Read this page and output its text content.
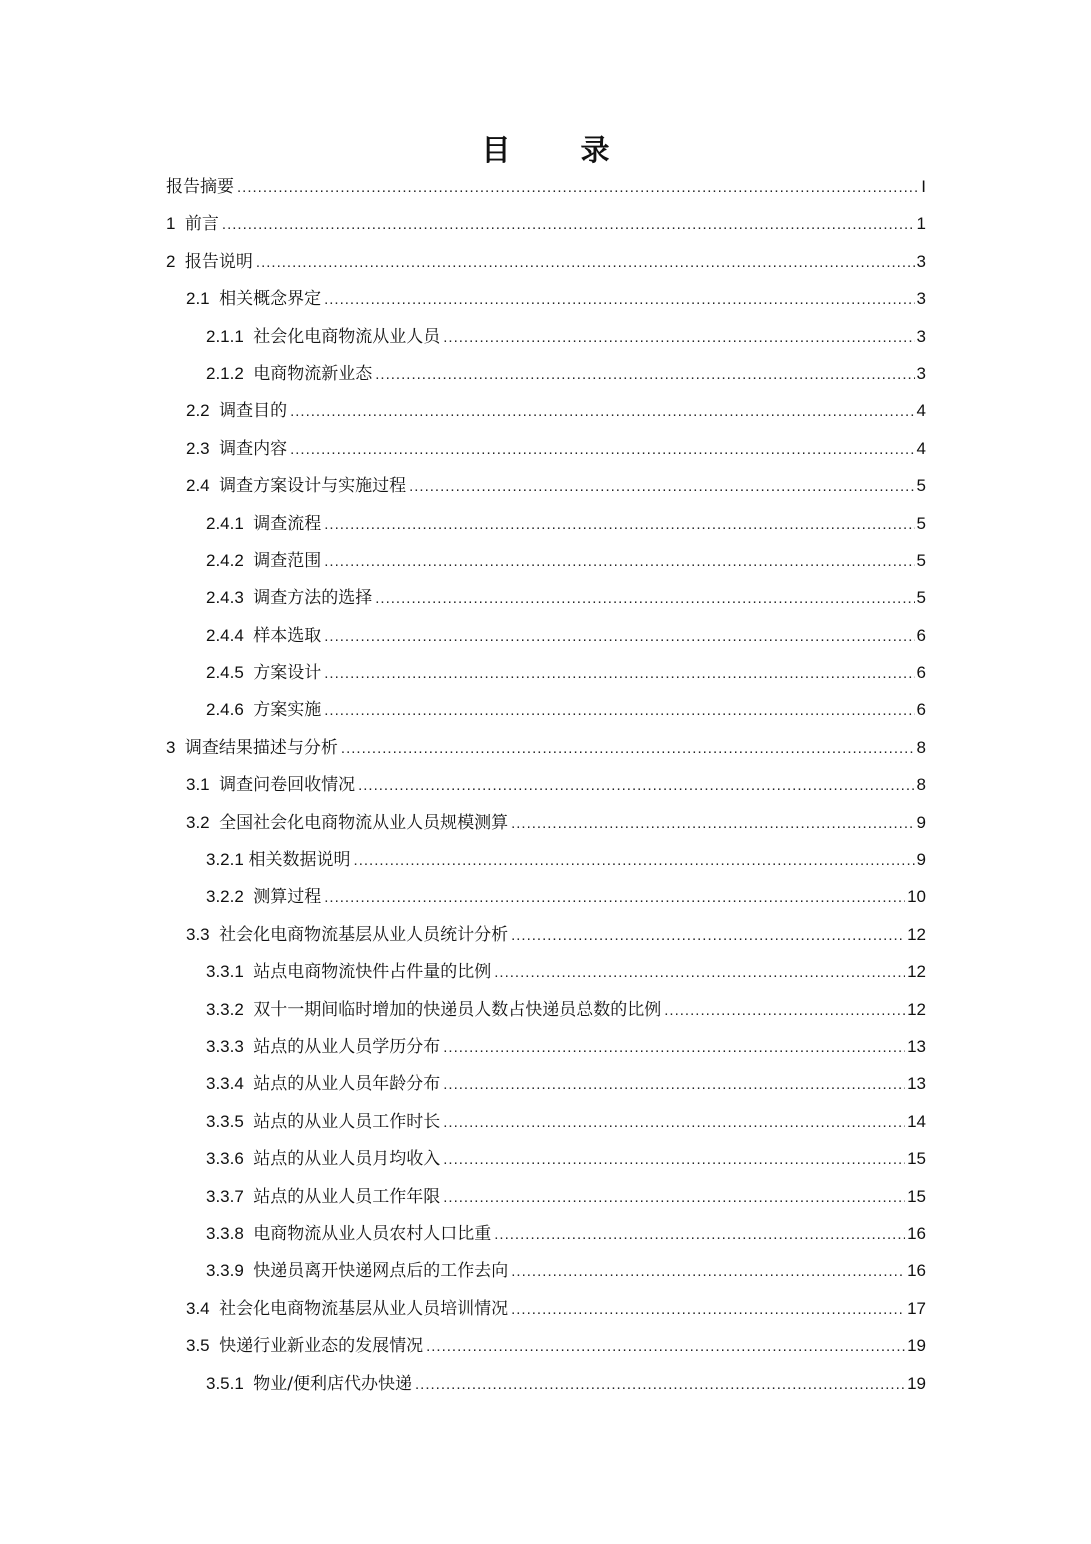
目 录
报告摘要 .....	I
1 前言 .....	1
2 报告说明 .....	3
2.1 相关概念界定 .....	3
2.1.1 社会化电商物流从业人员 .....	3
2.1.2 电商物流新业态 .....	3
2.2 调查目的 .....	4
2.3 调查内容 .....	4
2.4 调查方案设计与实施过程 .....	5
2.4.1 调查流程 .....	5
2.4.2 调查范围 .....	5
2.4.3 调查方法的选择 .....	5
2.4.4 样本选取 .....	6
2.4.5 方案设计 .....	6
2.4.6 方案实施 .....	6
3 调查结果描述与分析 .....	8
3.1 调查问卷回收情况 .....	8
3.2 全国社会化电商物流从业人员规模测算 .....	9
3.2.1 相关数据说明 .....	9
3.2.2 测算过程 .....	10
3.3 社会化电商物流基层从业人员统计分析 .....	12
3.3.1 站点电商物流快件占件量的比例 .....	12
3.3.2 双十一期间临时增加的快递员人数占快递员总数的比例 .....	12
3.3.3 站点的从业人员学历分布 .....	13
3.3.4 站点的从业人员年龄分布 .....	13
3.3.5 站点的从业人员工作时长 .....	14
3.3.6 站点的从业人员月均收入 .....	15
3.3.7 站点的从业人员工作年限 .....	15
3.3.8 电商物流从业人员农村人口比重 .....	16
3.3.9 快递员离开快递网点后的工作去向 .....	16
3.4 社会化电商物流基层从业人员培训情况 .....	17
3.5 快递行业新业态的发展情况 .....	19
3.5.1 物业/便利店代办快递 .....	19
